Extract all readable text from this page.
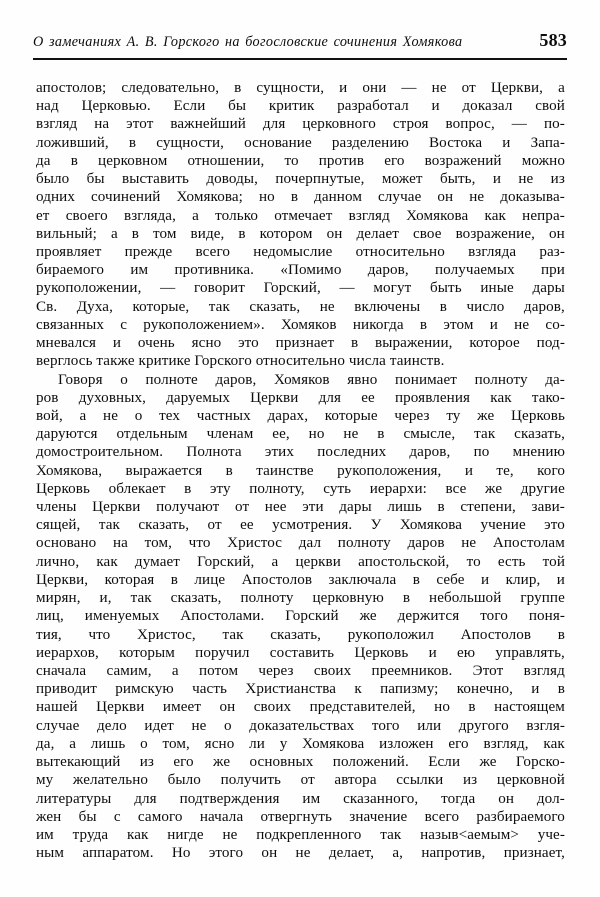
О замечаниях А. В. Горского на богословские сочинения Хомякова	583
апостолов; следовательно, в сущности, и они — не от Церкви, а
над Церковью. Если бы критик разработал и доказал свой
взгляд на этот важнейший для церковного строя вопрос, — по-
ложивший, в сущности, основание разделению Востока и Запа-
да в церковном отношении, то против его возражений можно
было бы выставить доводы, почерпнутые, может быть, и не из
одних сочинений Хомякова; но в данном случае он не доказыва-
ет своего взгляда, а только отмечает взгляд Хомякова как непра-
вильный; а в том виде, в котором он делает свое возражение, он
проявляет прежде всего недомыслие относительно взгляда раз-
бираемого им противника. «Помимо даров, получаемых при
рукоположении, — говорит Горский, — могут быть иные дары
Св. Духа, которые, так сказать, не включены в число даров,
связанных с рукоположением». Хомяков никогда в этом и не со-
мневался и очень ясно это признает в выражении, которое под-
верглось также критике Горского относительно числа таинств.
Говоря о полноте даров, Хомяков явно понимает полноту да-
ров духовных, даруемых Церкви для ее проявления как тако-
вой, а не о тех частных дарах, которые через ту же Церковь
даруются отдельным членам ее, но не в смысле, так сказать,
домостроительном. Полнота этих последних даров, по мнению
Хомякова, выражается в таинстве рукоположения, и те, кого
Церковь облекает в эту полноту, суть иерархи: все же другие
члены Церкви получают от нее эти дары лишь в степени, зави-
сящей, так сказать, от ее усмотрения. У Хомякова учение это
основано на том, что Христос дал полноту даров не Апостолам
лично, как думает Горский, а церкви апостольской, то есть той
Церкви, которая в лице Апостолов заключала в себе и клир, и
мирян, и, так сказать, полноту церковную в небольшой группе
лиц, именуемых Апостолами. Горский же держится того поня-
тия, что Христос, так сказать, рукоположил Апостолов в
иерархов, которым поручил составить Церковь и ею управлять,
сначала самим, а потом через своих преемников. Этот взгляд
приводит римскую часть Христианства к папизму; конечно, и в
нашей Церкви имеет он своих представителей, но в настоящем
случае дело идет не о доказательствах того или другого взгля-
да, а лишь о том, ясно ли у Хомякова изложен его взгляд, как
вытекающий из его же основных положений. Если же Горско-
му желательно было получить от автора ссылки из церковной
литературы для подтверждения им сказанного, тогда он дол-
жен бы с самого начала отвергнуть значение всего разбираемого
им труда как нигде не подкрепленного так назыв<аемым> уче-
ным аппаратом. Но этого он не делает, а, напротив, признает,
